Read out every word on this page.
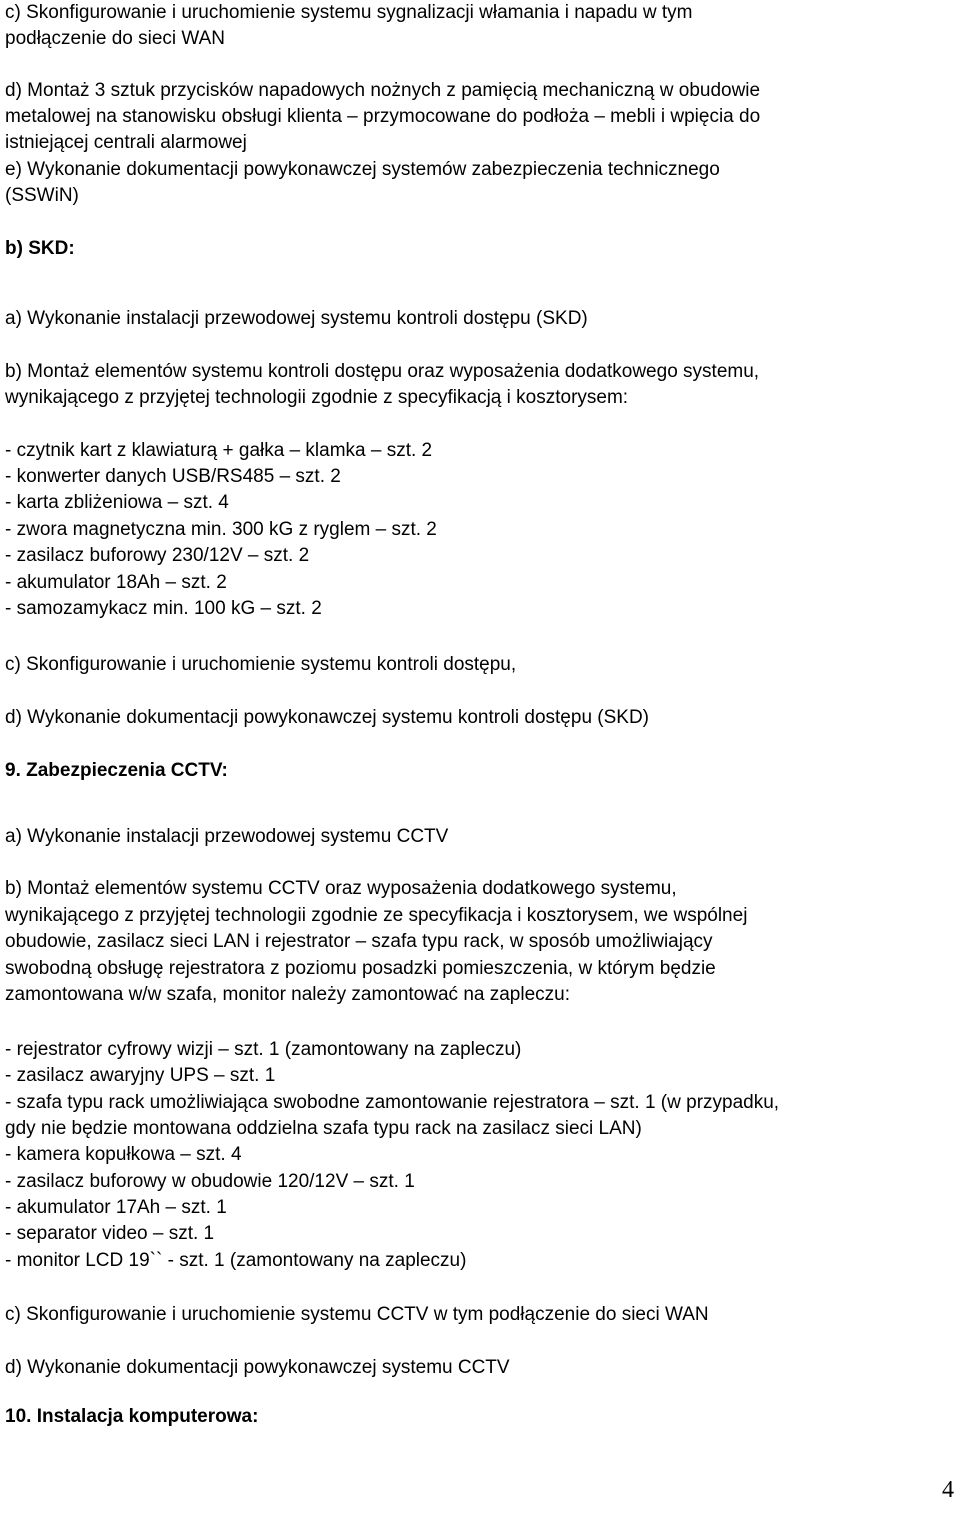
c) Skonfigurowanie i uruchomienie systemu sygnalizacji włamania i napadu w tym
podłączenie do sieci WAN
d) Montaż 3 sztuk przycisków napadowych nożnych z pamięcią mechaniczną w obudowie
metalowej na stanowisku obsługi klienta – przymocowane do podłoża – mebli i wpięcia do
istniejącej centrali alarmowej
e) Wykonanie dokumentacji powykonawczej systemów zabezpieczenia technicznego
(SSWiN)
b) SKD:
a) Wykonanie instalacji przewodowej systemu kontroli dostępu (SKD)
b) Montaż elementów systemu kontroli dostępu oraz wyposażenia dodatkowego systemu,
wynikającego z przyjętej technologii zgodnie z specyfikacją i kosztorysem:
- czytnik kart z klawiaturą + gałka – klamka – szt. 2
- konwerter danych USB/RS485 – szt. 2
- karta zbliżeniowa – szt. 4
- zwora magnetyczna min. 300 kG z ryglem – szt. 2
- zasilacz buforowy 230/12V – szt. 2
- akumulator 18Ah – szt. 2
- samozamykacz min. 100 kG – szt. 2
c) Skonfigurowanie i uruchomienie systemu kontroli dostępu,
d) Wykonanie dokumentacji powykonawczej systemu kontroli dostępu (SKD)
9. Zabezpieczenia CCTV:
a) Wykonanie instalacji przewodowej systemu CCTV
b) Montaż elementów systemu CCTV oraz wyposażenia dodatkowego systemu,
wynikającego z przyjętej technologii zgodnie ze specyfikacja i kosztorysem, we wspólnej
obudowie, zasilacz sieci LAN i rejestrator – szafa typu rack, w sposób umożliwiający
swobodną obsługę rejestratora z poziomu posadzki pomieszczenia, w którym będzie
zamontowana w/w szafa, monitor należy zamontować na zapleczu:
- rejestrator cyfrowy wizji – szt. 1 (zamontowany na zapleczu)
- zasilacz awaryjny UPS – szt. 1
- szafa typu rack umożliwiająca swobodne zamontowanie rejestratora – szt. 1 (w przypadku,
gdy nie będzie montowana oddzielna szafa typu rack na zasilacz sieci LAN)
- kamera kopułkowa – szt. 4
- zasilacz buforowy w obudowie 120/12V – szt. 1
- akumulator 17Ah – szt. 1
- separator video – szt. 1
- monitor LCD 19`` - szt. 1 (zamontowany na zapleczu)
c) Skonfigurowanie i uruchomienie systemu CCTV w tym podłączenie do sieci WAN
d) Wykonanie dokumentacji powykonawczej systemu CCTV
10. Instalacja komputerowa:
4
